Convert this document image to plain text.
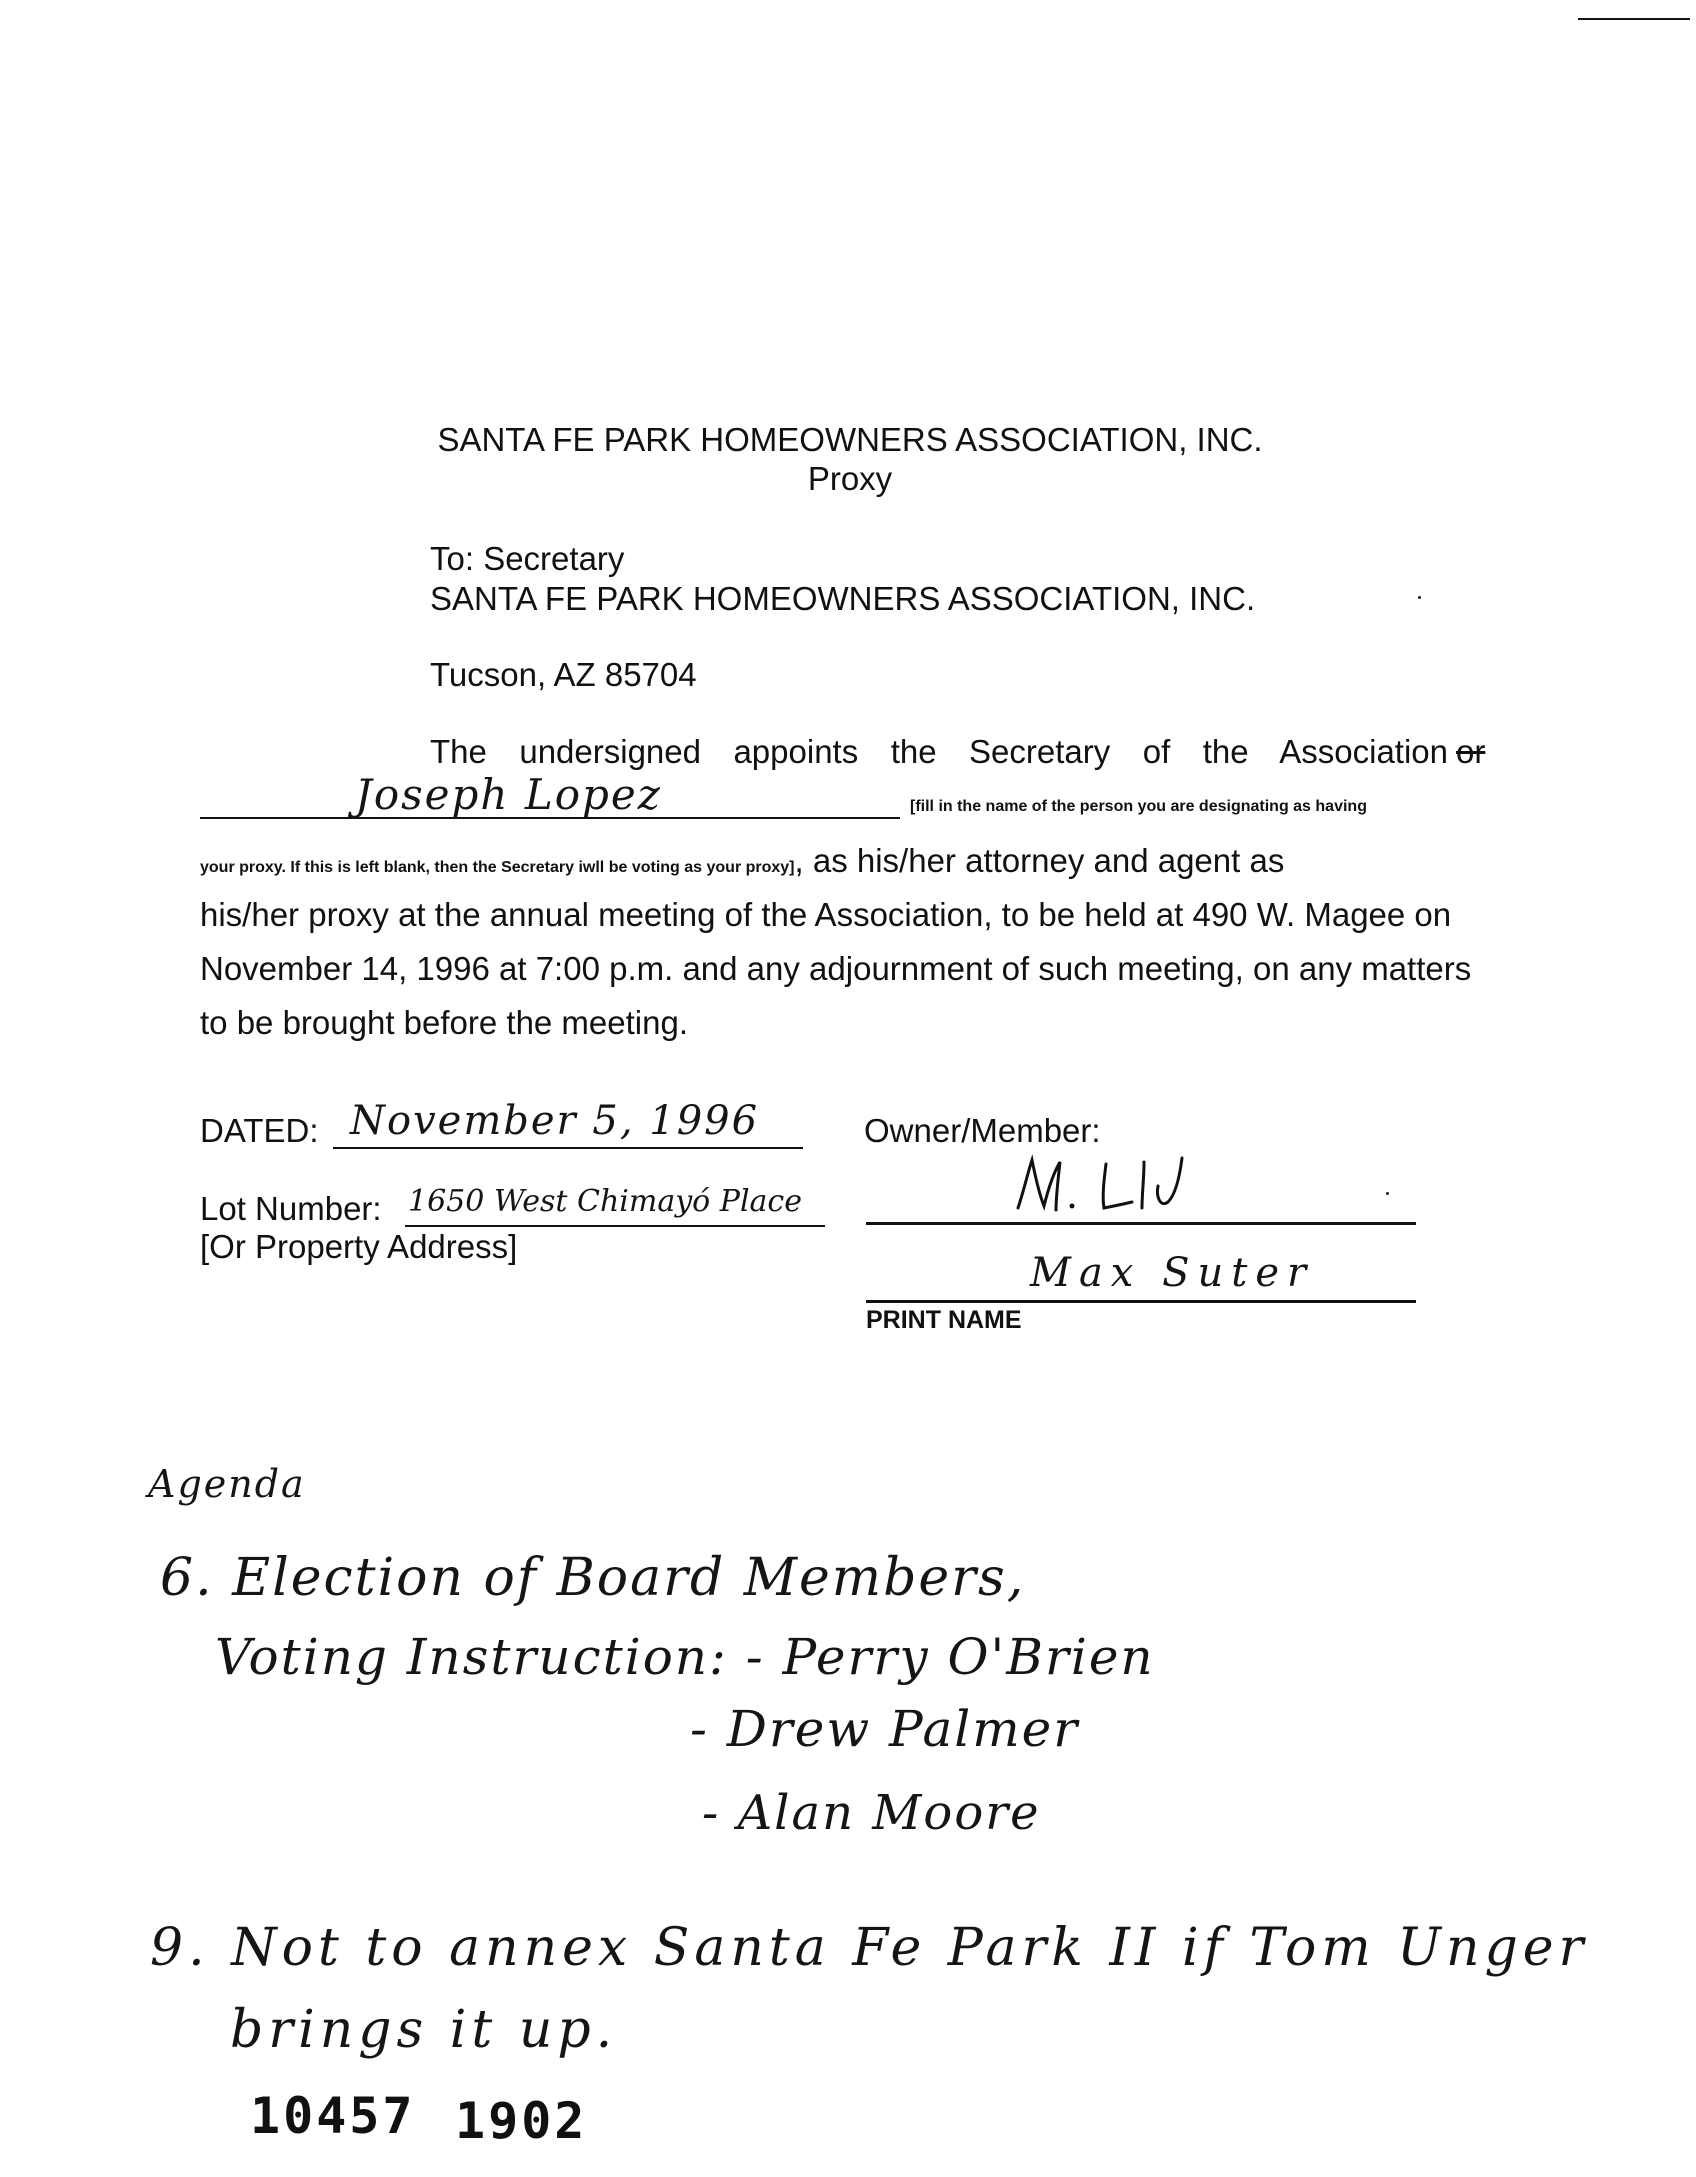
SANTA FE PARK HOMEOWNERS ASSOCIATION, INC.
Proxy
To: Secretary
SANTA FE PARK HOMEOWNERS ASSOCIATION, INC.
Tucson, AZ 85704
The undersigned appoints the Secretary of the Association or
Joseph Lopez	[fill in the name of the person you are designating as having
your proxy. If this is left blank, then the Secretary iwll be voting as your proxy], as his/her attorney and agent as
his/her proxy at the annual meeting of the Association, to be held at 490 W. Magee on
November 14, 1996 at 7:00 p.m. and any adjournment of such meeting, on any matters
to be brought before the meeting.
DATED: November 5, 1996	Owner/Member:
Lot Number: 1650 West Chimayó Place
[Or Property Address]
Max Suter
PRINT NAME
Agenda
6. Election of Board Members,
Voting Instruction: - Perry O'Brien
- Drew Palmer
- Alan Moore
9. Not to annex Santa Fe Park II if Tom Unger
brings it up.
10457 1902
